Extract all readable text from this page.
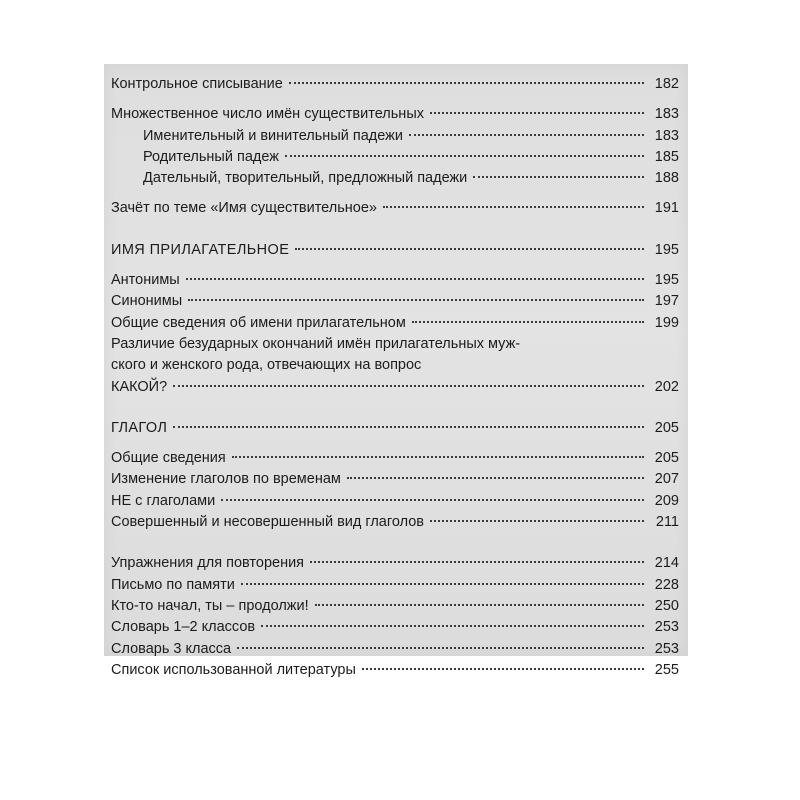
Контрольное списывание	182
Множественное число имён существительных	183
Именительный и винительный падежи	183
Родительный падеж	185
Дательный, творительный, предложный падежи	188
Зачёт по теме «Имя существительное»	191
ИМЯ ПРИЛАГАТЕЛЬНОЕ	195
Антонимы	195
Синонимы	197
Общие сведения об имени прилагательном	199
Различие безударных окончаний имён прилагательных муж-
ского и женского рода, отвечающих на вопрос
КАКОЙ?	202
ГЛАГОЛ	205
Общие сведения	205
Изменение глаголов по временам	207
НЕ с глаголами	209
Совершенный и несовершенный вид глаголов	211
Упражнения для повторения	214
Письмо по памяти	228
Кто-то начал, ты – продолжи!	250
Словарь 1–2 классов	253
Словарь 3 класса	253
Список использованной литературы	255
